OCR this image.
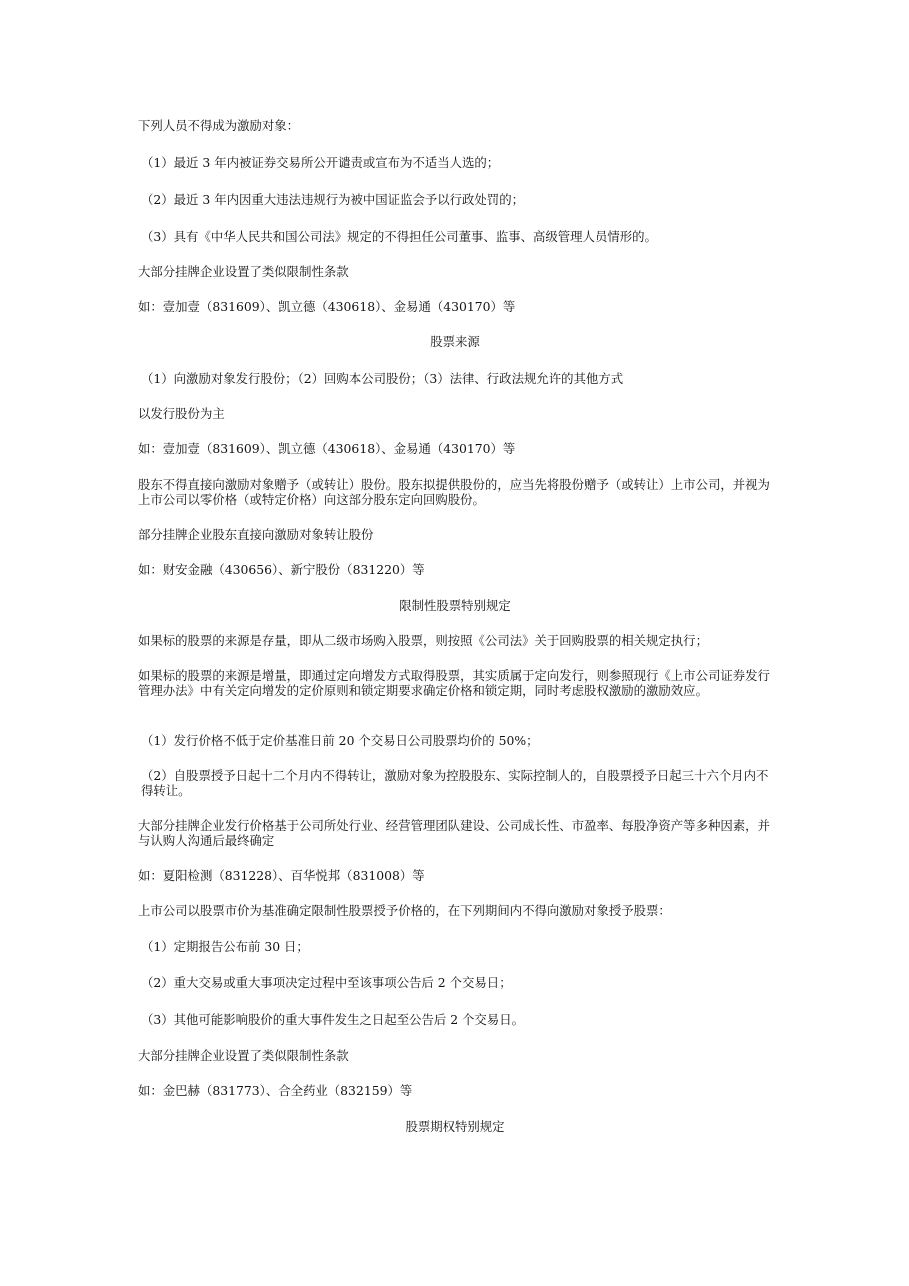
下列人员不得成为激励对象：

（1）最近 3 年内被证券交易所公开谴责或宣布为不适当人选的；

（2）最近 3 年内因重大违法违规行为被中国证监会予以行政处罚的；

（3）具有《中华人民共和国公司法》规定的不得担任公司董事、监事、高级管理人员情形的。

大部分挂牌企业设置了类似限制性条款

如：壹加壹（831609）、凯立德（430618）、金易通（430170）等

股票来源

（1）向激励对象发行股份；（2）回购本公司股份；（3）法律、行政法规允许的其他方式

以发行股份为主

如：壹加壹（831609）、凯立德（430618）、金易通（430170）等

股东不得直接向激励对象赠予（或转让）股份。股东拟提供股份的，应当先将股份赠予（或转让）上市公司，并视为上市公司以零价格（或特定价格）向这部分股东定向回购股份。

部分挂牌企业股东直接向激励对象转让股份

如：财安金融（430656）、新宁股份（831220）等

限制性股票特别规定

如果标的股票的来源是存量，即从二级市场购入股票，则按照《公司法》关于回购股票的相关规定执行；

如果标的股票的来源是增量，即通过定向增发方式取得股票，其实质属于定向发行，则参照现行《上市公司证券发行管理办法》中有关定向增发的定价原则和锁定期要求确定价格和锁定期，同时考虑股权激励的激励效应。

（1）发行价格不低于定价基准日前 20 个交易日公司股票均价的 50%；

（2）自股票授予日起十二个月内不得转让，激励对象为控股股东、实际控制人的，自股票授予日起三十六个月内不得转让。

大部分挂牌企业发行价格基于公司所处行业、经营管理团队建设、公司成长性、市盈率、每股净资产等多种因素，并与认购人沟通后最终确定

如：夏阳检测（831228）、百华悦邦（831008）等

上市公司以股票市价为基准确定限制性股票授予价格的，在下列期间内不得向激励对象授予股票：

（1）定期报告公布前 30 日；

（2）重大交易或重大事项决定过程中至该事项公告后 2 个交易日；

（3）其他可能影响股价的重大事件发生之日起至公告后 2 个交易日。

大部分挂牌企业设置了类似限制性条款

如：金巴赫（831773）、合全药业（832159）等

股票期权特别规定
